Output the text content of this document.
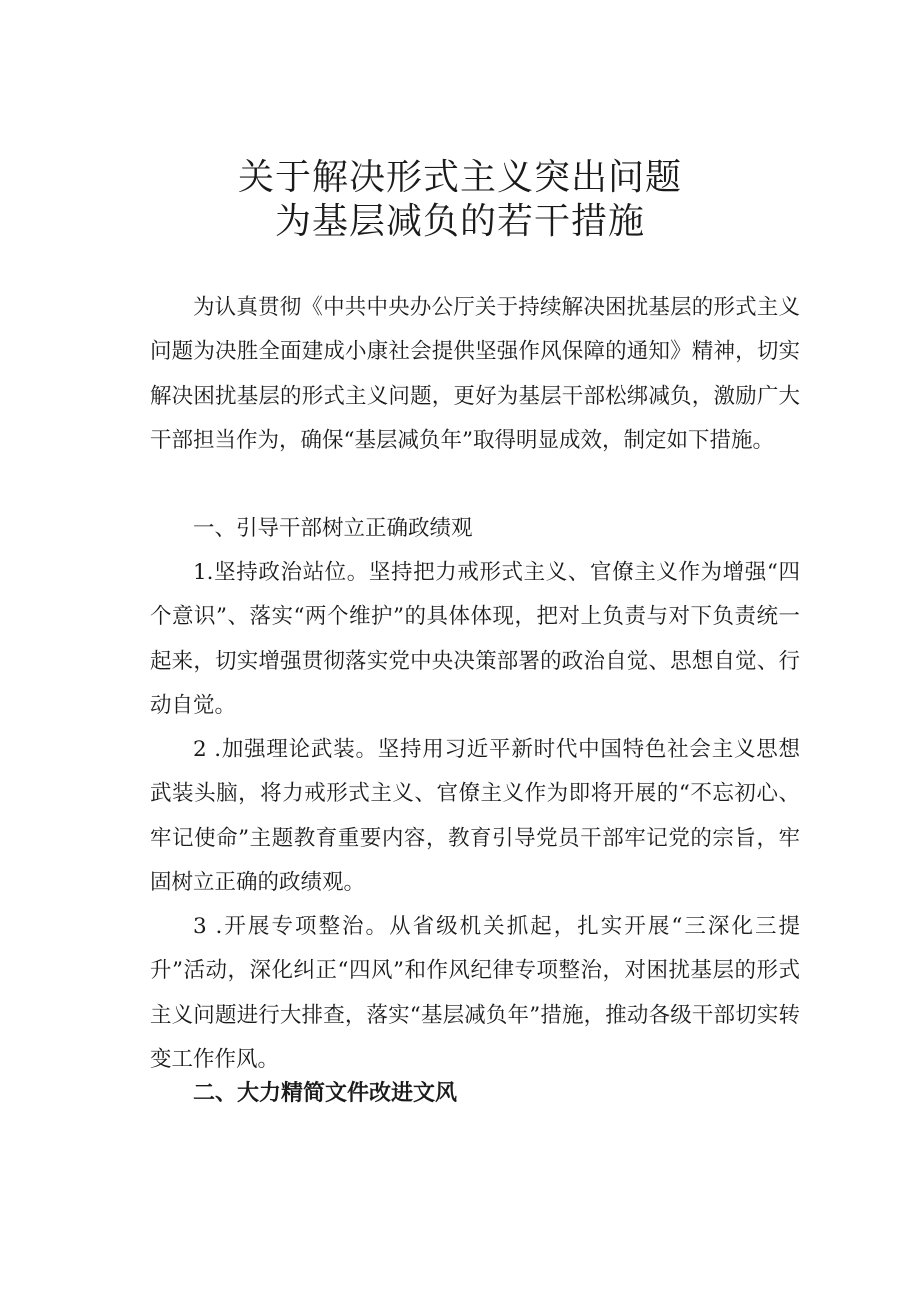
关于解决形式主义突出问题
为基层减负的若干措施

为认真贯彻《中共中央办公厅关于持续解决困扰基层的形式主义问题为决胜全面建成小康社会提供坚强作风保障的通知》精神，切实解决困扰基层的形式主义问题，更好为基层干部松绑减负，激励广大干部担当作为，确保“基层减负年”取得明显成效，制定如下措施。

一、引导干部树立正确政绩观

1.坚持政治站位。坚持把力戒形式主义、官僚主义作为增强“四个意识”、落实“两个维护”的具体体现，把对上负责与对下负责统一起来，切实增强贯彻落实党中央决策部署的政治自觉、思想自觉、行动自觉。

2 .加强理论武装。坚持用习近平新时代中国特色社会主义思想武装头脑，将力戒形式主义、官僚主义作为即将开展的“不忘初心、牢记使命”主题教育重要内容，教育引导党员干部牢记党的宗旨，牢固树立正确的政绩观。

3 .开展专项整治。从省级机关抓起，扎实开展“三深化三提升”活动，深化纠正“四风”和作风纪律专项整治，对困扰基层的形式主义问题进行大排查，落实“基层减负年”措施，推动各级干部切实转变工作作风。

二、大力精简文件改进文风
